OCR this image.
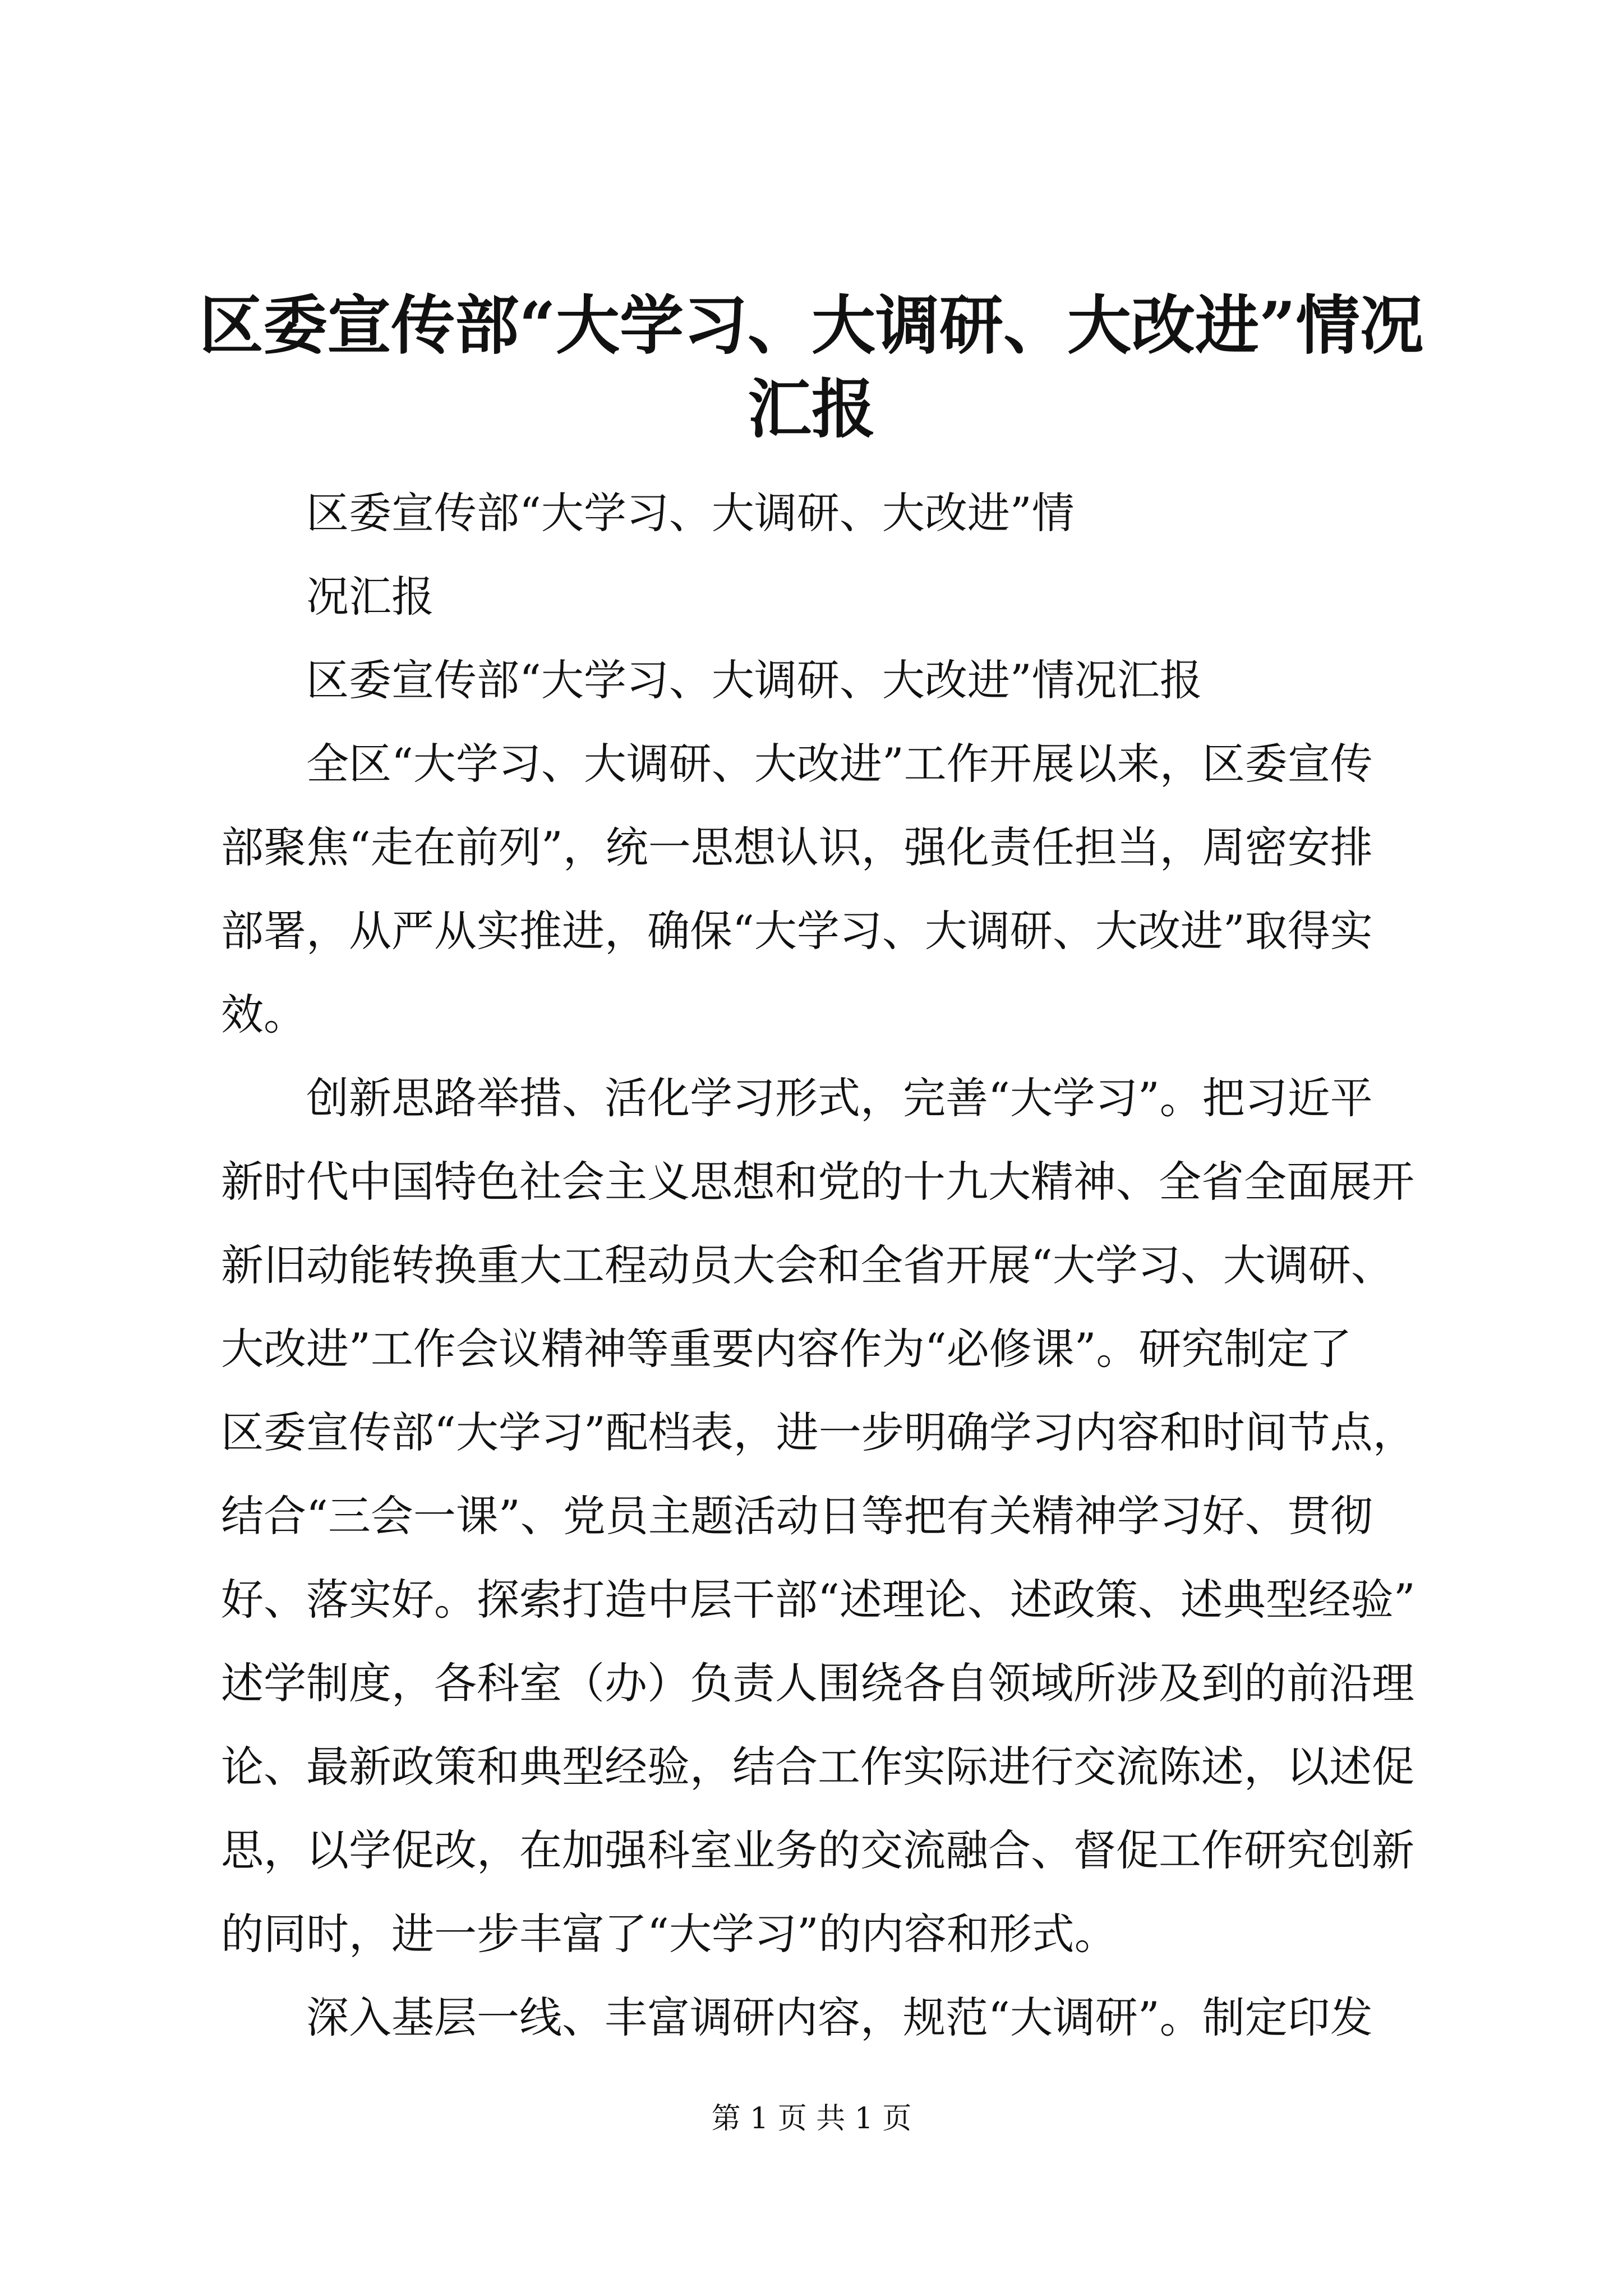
区委宣传部“大学习、大调研、大改进”情况
汇报
区委宣传部“大学习、大调研、大改进”情
况汇报
区委宣传部“大学习、大调研、大改进”情况汇报
全区“大学习、大调研、大改进”工作开展以来，区委宣传
部聚焦“走在前列”，统一思想认识，强化责任担当，周密安排
部署，从严从实推进，确保“大学习、大调研、大改进”取得实
效。
创新思路举措、活化学习形式，完善“大学习”。把习近平
新时代中国特色社会主义思想和党的十九大精神、全省全面展开
新旧动能转换重大工程动员大会和全省开展“大学习、大调研、
大改进”工作会议精神等重要内容作为“必修课”。研究制定了
区委宣传部“大学习”配档表，进一步明确学习内容和时间节点，
结合“三会一课”、党员主题活动日等把有关精神学习好、贯彻
好、落实好。探索打造中层干部“述理论、述政策、述典型经验”
述学制度，各科室（办）负责人围绕各自领域所涉及到的前沿理
论、最新政策和典型经验，结合工作实际进行交流陈述，以述促
思，以学促改，在加强科室业务的交流融合、督促工作研究创新
的同时，进一步丰富了“大学习”的内容和形式。
深入基层一线、丰富调研内容，规范“大调研”。制定印发
第 1 页 共 1 页
